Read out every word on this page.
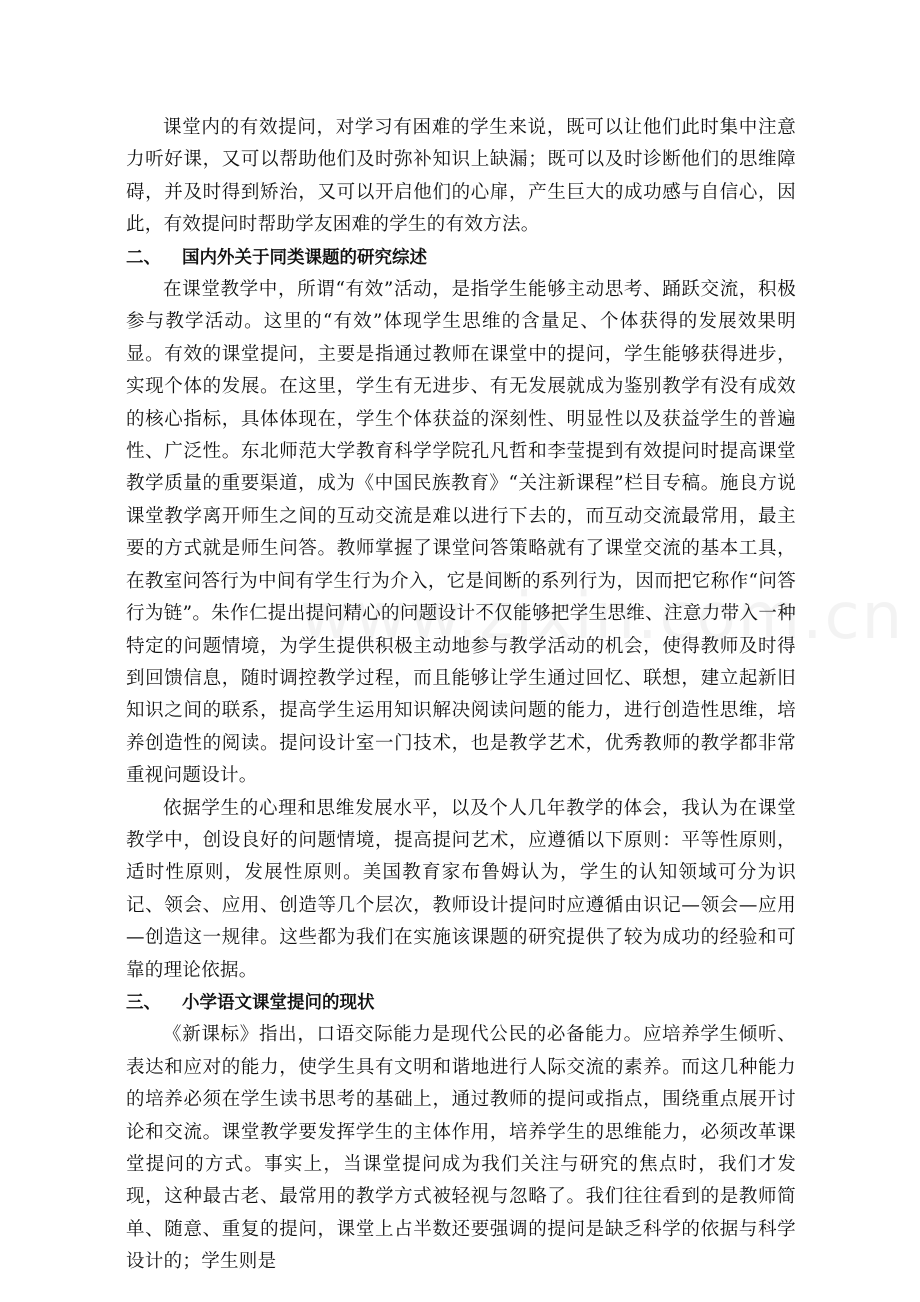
课堂内的有效提问，对学习有困难的学生来说，既可以让他们此时集中注意力听好课，又可以帮助他们及时弥补知识上缺漏；既可以及时诊断他们的思维障碍，并及时得到矫治，又可以开启他们的心扉，产生巨大的成功感与自信心，因此，有效提问时帮助学友困难的学生的有效方法。

二、	国内外关于同类课题的研究综述

在课堂教学中，所谓“有效”活动，是指学生能够主动思考、踊跃交流，积极参与教学活动。这里的“有效”体现学生思维的含量足、个体获得的发展效果明显。有效的课堂提问，主要是指通过教师在课堂中的提问，学生能够获得进步，实现个体的发展。在这里，学生有无进步、有无发展就成为鉴别教学有没有成效的核心指标，具体体现在，学生个体获益的深刻性、明显性以及获益学生的普遍性、广泛性。东北师范大学教育科学学院孔凡哲和李莹提到有效提问时提高课堂教学质量的重要渠道，成为《中国民族教育》“关注新课程”栏目专稿。施良方说课堂教学离开师生之间的互动交流是难以进行下去的，而互动交流最常用，最主要的方式就是师生问答。教师掌握了课堂问答策略就有了课堂交流的基本工具，在教室问答行为中间有学生行为介入，它是间断的系列行为，因而把它称作“问答行为链”。朱作仁提出提问精心的问题设计不仅能够把学生思维、注意力带入一种特定的问题情境，为学生提供积极主动地参与教学活动的机会，使得教师及时得到回馈信息，随时调控教学过程，而且能够让学生通过回忆、联想，建立起新旧知识之间的联系，提高学生运用知识解决阅读问题的能力，进行创造性思维，培养创造性的阅读。提问设计室一门技术，也是教学艺术，优秀教师的教学都非常重视问题设计。

依据学生的心理和思维发展水平，以及个人几年教学的体会，我认为在课堂教学中，创设良好的问题情境，提高提问艺术，应遵循以下原则：平等性原则，适时性原则，发展性原则。美国教育家布鲁姆认为，学生的认知领域可分为识记、领会、应用、创造等几个层次，教师设计提问时应遵循由识记—领会—应用—创造这一规律。这些都为我们在实施该课题的研究提供了较为成功的经验和可靠的理论依据。

三、	小学语文课堂提问的现状

《新课标》指出，口语交际能力是现代公民的必备能力。应培养学生倾听、表达和应对的能力，使学生具有文明和谐地进行人际交流的素养。而这几种能力的培养必须在学生读书思考的基础上，通过教师的提问或指点，围绕重点展开讨论和交流。课堂教学要发挥学生的主体作用，培养学生的思维能力，必须改革课堂提问的方式。事实上，当课堂提问成为我们关注与研究的焦点时，我们才发现，这种最古老、最常用的教学方式被轻视与忽略了。我们往往看到的是教师简单、随意、重复的提问，课堂上占半数还要强调的提问是缺乏科学的依据与科学设计的；学生则是
